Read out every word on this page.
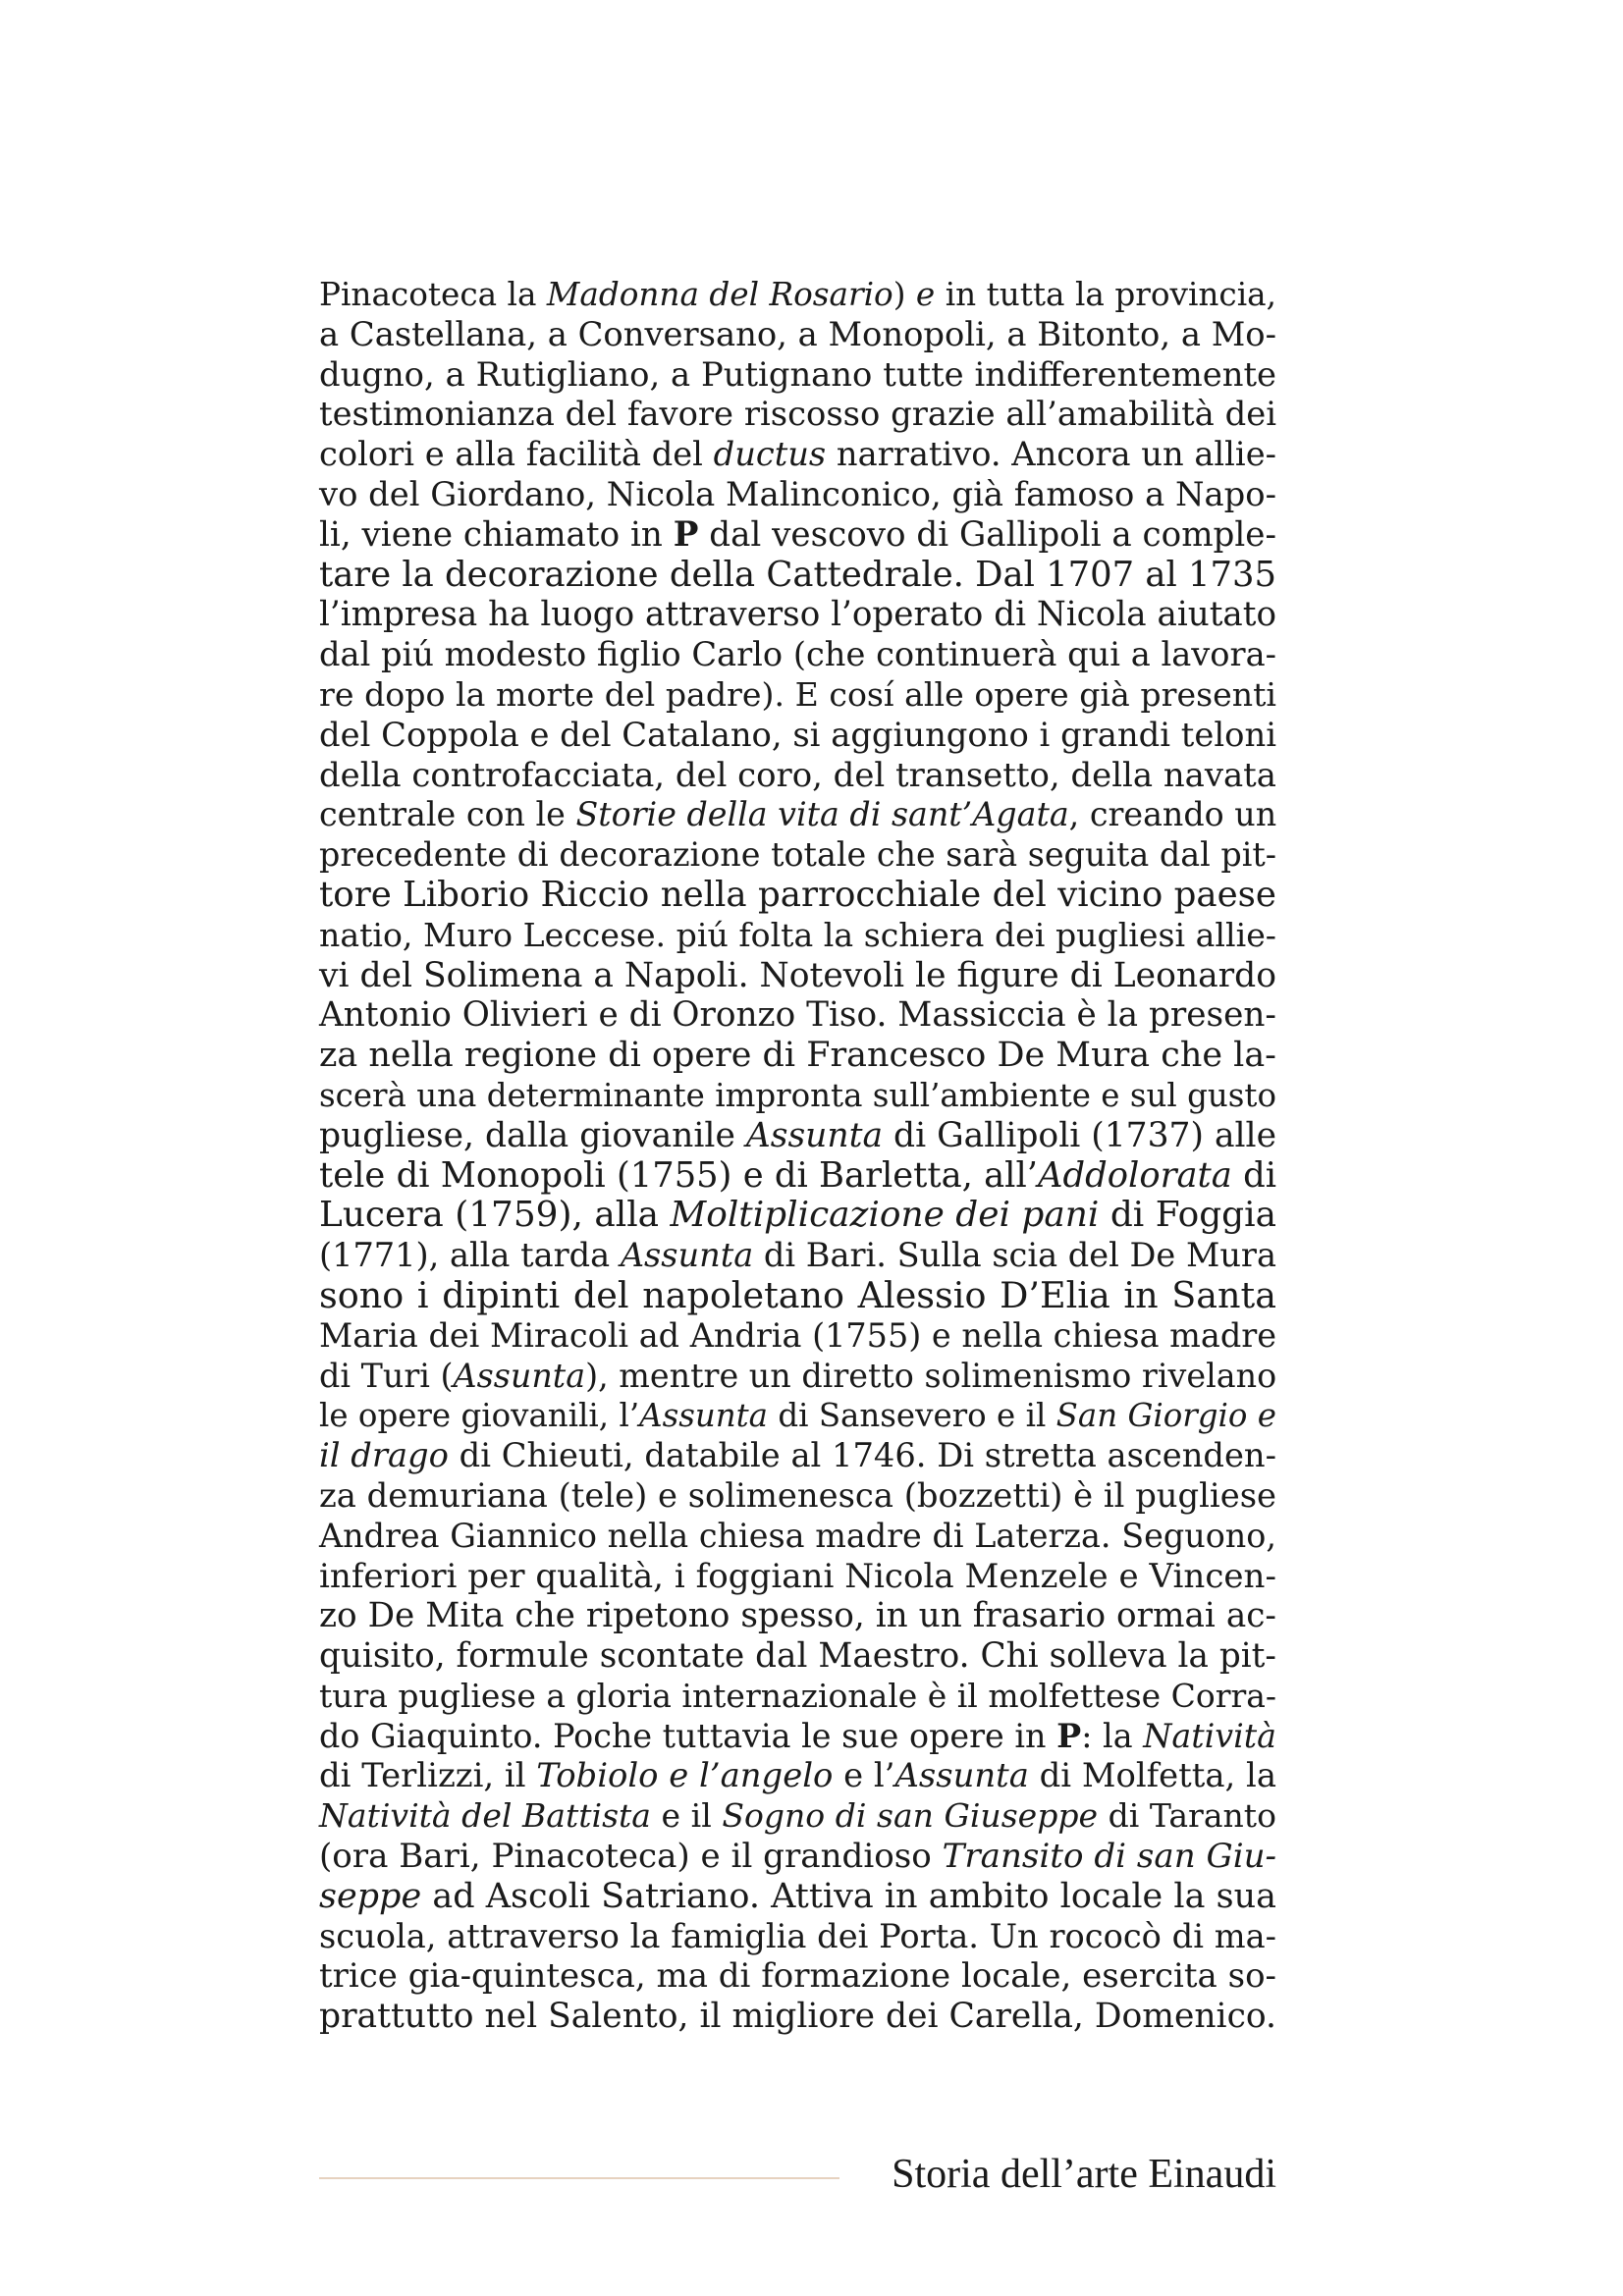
Pinacoteca la Madonna del Rosario) e in tutta la provincia,
a Castellana, a Conversano, a Monopoli, a Bitonto, a Mo-
dugno, a Rutigliano, a Putignano tutte indifferentemente
testimonianza del favore riscosso grazie all’amabilità dei
colori e alla facilità del ductus narrativo. Ancora un allie-
vo del Giordano, Nicola Malinconico, già famoso a Napo-
li, viene chiamato in P dal vescovo di Gallipoli a comple-
tare la decorazione della Cattedrale. Dal 1707 al 1735
l’impresa ha luogo attraverso l’operato di Nicola aiutato
dal piú modesto figlio Carlo (che continuerà qui a lavora-
re dopo la morte del padre). E cosí alle opere già presenti
del Coppola e del Catalano, si aggiungono i grandi teloni
della controfacciata, del coro, del transetto, della navata
centrale con le Storie della vita di sant’Agata, creando un
precedente di decorazione totale che sarà seguita dal pit-
tore Liborio Riccio nella parrocchiale del vicino paese
natio, Muro Leccese. piú folta la schiera dei pugliesi allie-
vi del Solimena a Napoli. Notevoli le figure di Leonardo
Antonio Olivieri e di Oronzo Tiso. Massiccia è la presen-
za nella regione di opere di Francesco De Mura che la-
scerà una determinante impronta sull’ambiente e sul gusto
pugliese, dalla giovanile Assunta di Gallipoli (1737) alle
tele di Monopoli (1755) e di Barletta, all’Addolorata di
Lucera (1759), alla Moltiplicazione dei pani di Foggia
(1771), alla tarda Assunta di Bari. Sulla scia del De Mura
sono i dipinti del napoletano Alessio D’Elia in Santa
Maria dei Miracoli ad Andria (1755) e nella chiesa madre
di Turi (Assunta), mentre un diretto solimenismo rivelano
le opere giovanili, l’Assunta di Sansevero e il San Giorgio e
il drago di Chieuti, databile al 1746. Di stretta ascenden-
za demuriana (tele) e solimenesca (bozzetti) è il pugliese
Andrea Giannico nella chiesa madre di Laterza. Seguono,
inferiori per qualità, i foggiani Nicola Menzele e Vincen-
zo De Mita che ripetono spesso, in un frasario ormai ac-
quisito, formule scontate dal Maestro. Chi solleva la pit-
tura pugliese a gloria internazionale è il molfettese Corra-
do Giaquinto. Poche tuttavia le sue opere in P: la Natività
di Terlizzi, il Tobiolo e l’angelo e l’Assunta di Molfetta, la
Natività del Battista e il Sogno di san Giuseppe di Taranto
(ora Bari, Pinacoteca) e il grandioso Transito di san Giu-
seppe ad Ascoli Satriano. Attiva in ambito locale la sua
scuola, attraverso la famiglia dei Porta. Un rococò di ma-
trice gia-quintesca, ma di formazione locale, esercita so-
prattutto nel Salento, il migliore dei Carella, Domenico.
Storia dell’arte Einaudi
